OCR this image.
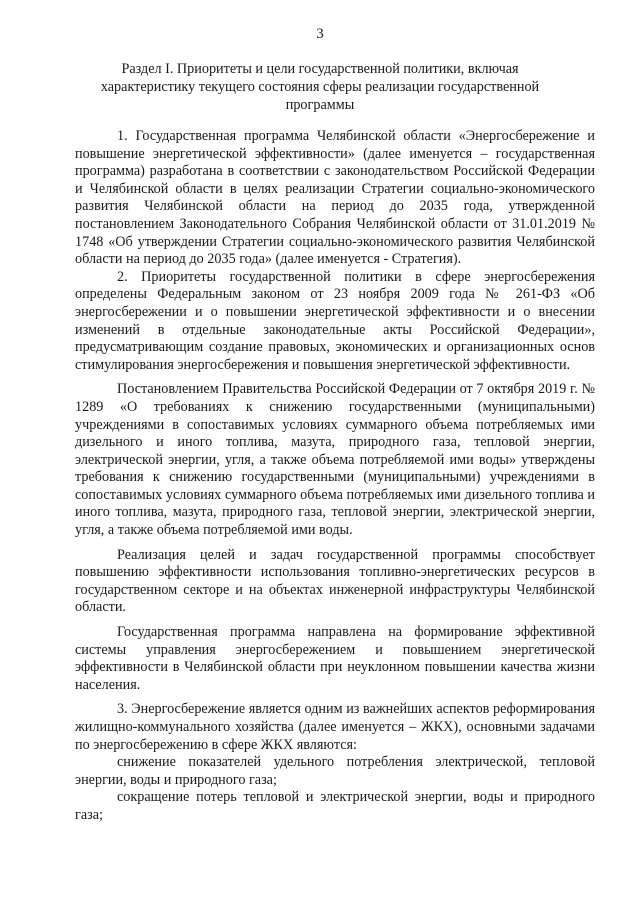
3
Раздел I. Приоритеты и цели государственной политики, включая характеристику текущего состояния сферы реализации государственной программы

1. Государственная программа Челябинской области «Энергосбережение и повышение энергетической эффективности» (далее именуется – государственная программа) разработана в соответствии с законодательством Российской Федерации и Челябинской области в целях реализации Стратегии социально-экономического развития Челябинской области на период до 2035 года, утвержденной постановлением Законодательного Собрания Челябинской области от 31.01.2019 № 1748 «Об утверждении Стратегии социально-экономического развития Челябинской области на период до 2035 года» (далее именуется - Стратегия).

2. Приоритеты государственной политики в сфере энергосбережения определены Федеральным законом от 23 ноября 2009 года № 261-ФЗ «Об энергосбережении и о повышении энергетической эффективности и о внесении изменений в отдельные законодательные акты Российской Федерации», предусматривающим создание правовых, экономических и организационных основ стимулирования энергосбережения и повышения энергетической эффективности.

Постановлением Правительства Российской Федерации от 7 октября 2019 г. № 1289 «О требованиях к снижению государственными (муниципальными) учреждениями в сопоставимых условиях суммарного объема потребляемых ими дизельного и иного топлива, мазута, природного газа, тепловой энергии, электрической энергии, угля, а также объема потребляемой ими воды» утверждены требования к снижению государственными (муниципальными) учреждениями в сопоставимых условиях суммарного объема потребляемых ими дизельного топлива и иного топлива, мазута, природного газа, тепловой энергии, электрической энергии, угля, а также объема потребляемой ими воды.

Реализация целей и задач государственной программы способствует повышению эффективности использования топливно-энергетических ресурсов в государственном секторе и на объектах инженерной инфраструктуры Челябинской области.

Государственная программа направлена на формирование эффективной системы управления энергосбережением и повышением энергетической эффективности в Челябинской области при неуклонном повышении качества жизни населения.

3. Энергосбережение является одним из важнейших аспектов реформирования жилищно-коммунального хозяйства (далее именуется – ЖКХ), основными задачами по энергосбережению в сфере ЖКХ являются:

снижение показателей удельного потребления электрической, тепловой энергии, воды и природного газа;

сокращение потерь тепловой и электрической энергии, воды и природного газа;
